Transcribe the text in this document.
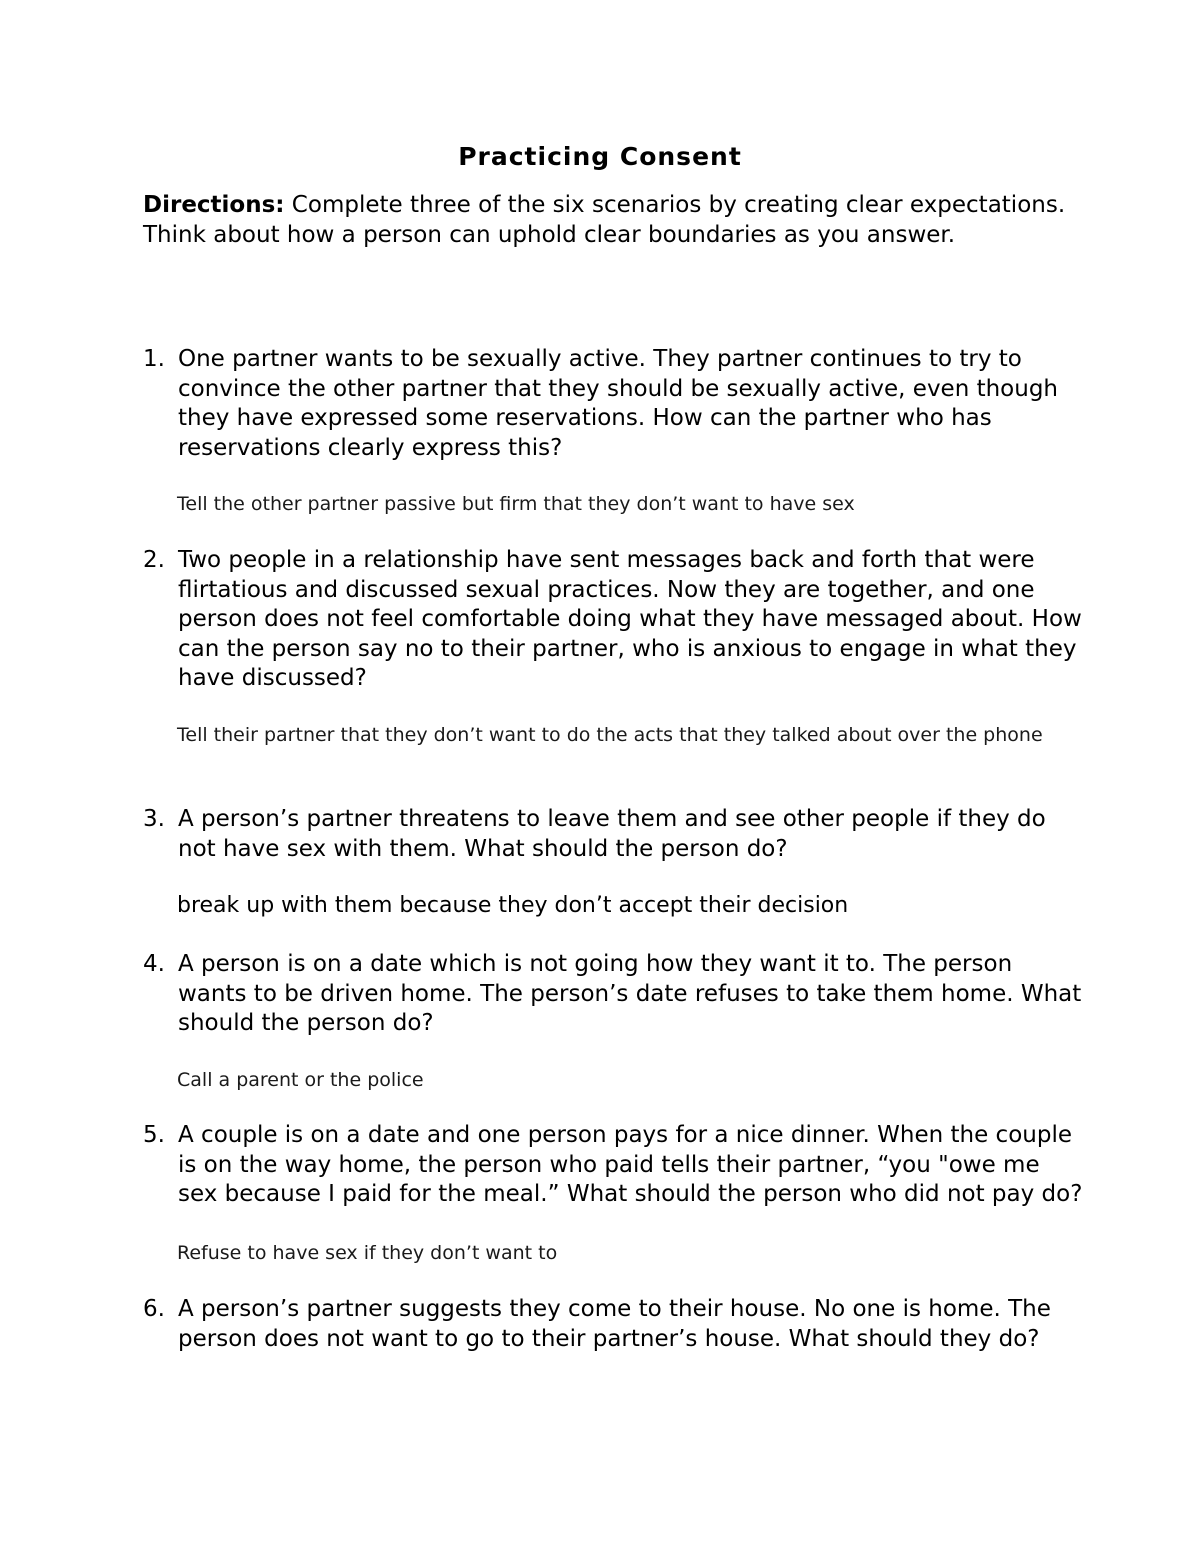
Practicing Consent

Directions: Complete three of the six scenarios by creating clear expectations. Think about how a person can uphold clear boundaries as you answer.

1. One partner wants to be sexually active. They partner continues to try to convince the other partner that they should be sexually active, even though they have expressed some reservations. How can the partner who has reservations clearly express this?

Tell the other partner passive but firm that they don’t want to have sex

2. Two people in a relationship have sent messages back and forth that were flirtatious and discussed sexual practices. Now they are together, and one person does not feel comfortable doing what they have messaged about. How can the person say no to their partner, who is anxious to engage in what they have discussed?

Tell their partner that they don’t want to do the acts that they talked about over the phone

3. A person’s partner threatens to leave them and see other people if they do not have sex with them. What should the person do?

break up with them because they don’t accept their decision

4. A person is on a date which is not going how they want it to. The person wants to be driven home. The person’s date refuses to take them home. What should the person do?

Call a parent or the police

5. A couple is on a date and one person pays for a nice dinner. When the couple is on the way home, the person who paid tells their partner, “you "owe me sex because I paid for the meal.” What should the person who did not pay do?

Refuse to have sex if they don’t want to

6. A person’s partner suggests they come to their house. No one is home. The person does not want to go to their partner’s house. What should they do?
